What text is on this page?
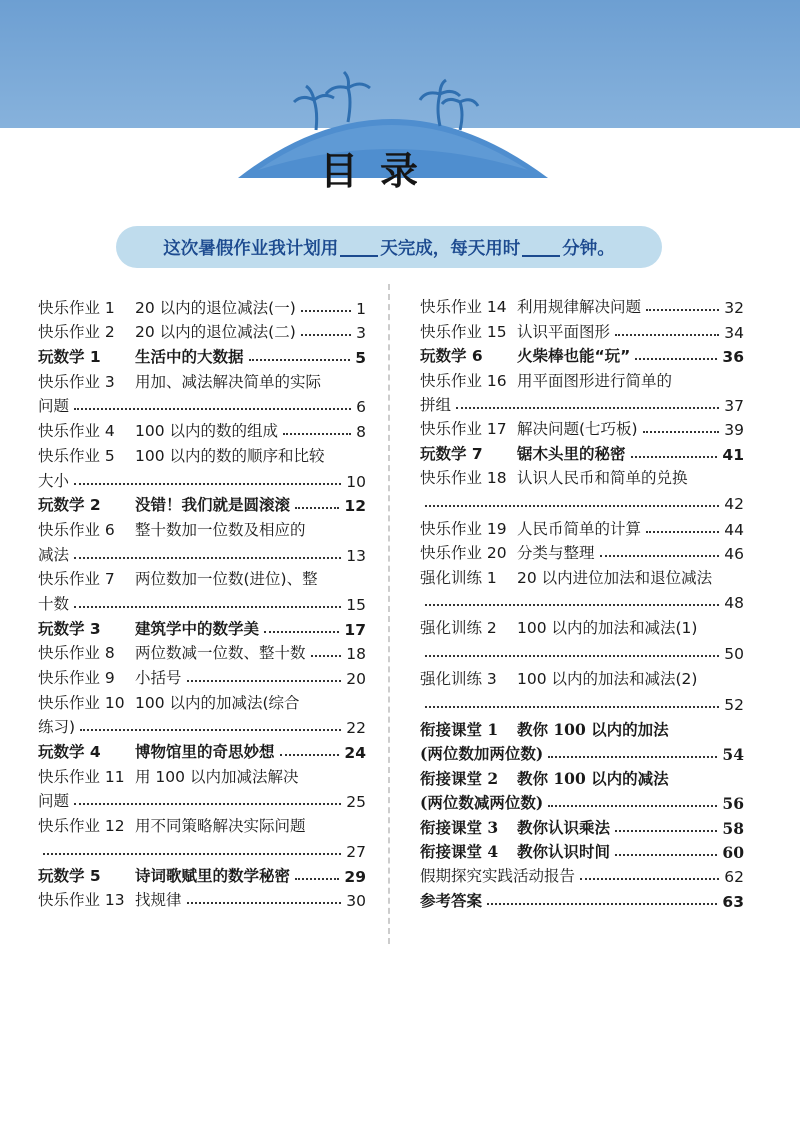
目录
这次暑假作业我计划用 天完成，每天用时 分钟。
快乐作业 1	20 以内的退位减法(一)	1
快乐作业 2	20 以内的退位减法(二)	3
玩数学 1	生活中的大数据	5
快乐作业 3	用加、减法解决简单的实际
问题	6
快乐作业 4	100 以内的数的组成	8
快乐作业 5	100 以内的数的顺序和比较
大小	10
玩数学 2	没错！我们就是圆滚滚	12
快乐作业 6	整十数加一位数及相应的
减法	13
快乐作业 7	两位数加一位数(进位)、整
十数	15
玩数学 3	建筑学中的数学美	17
快乐作业 8	两位数减一位数、整十数	18
快乐作业 9	小括号	20
快乐作业 10 100 以内的加减法(综合
练习)	22
玩数学 4	博物馆里的奇思妙想	24
快乐作业 11 用 100 以内加减法解决
问题	25
快乐作业 12 用不同策略解决实际问题
27
玩数学 5	诗词歌赋里的数学秘密	29
快乐作业 13 找规律	30
快乐作业 14 利用规律解决问题	32
快乐作业 15 认识平面图形	34
玩数学 6	火柴棒也能“玩”	36
快乐作业 16 用平面图形进行简单的
拼组	37
快乐作业 17 解决问题(七巧板)	39
玩数学 7	锯木头里的秘密	41
快乐作业 18 认识人民币和简单的兑换
42
快乐作业 19 人民币简单的计算	44
快乐作业 20 分类与整理	46
强化训练 1	20 以内进位加法和退位减法
48
强化训练 2	100 以内的加法和减法(1)
50
强化训练 3	100 以内的加法和减法(2)
52
衔接课堂 1	教你 100 以内的加法
(两位数加两位数)	54
衔接课堂 2	教你 100 以内的减法
(两位数减两位数)	56
衔接课堂 3	教你认识乘法	58
衔接课堂 4	教你认识时间	60
假期探究实践活动报告	62
参考答案	63
